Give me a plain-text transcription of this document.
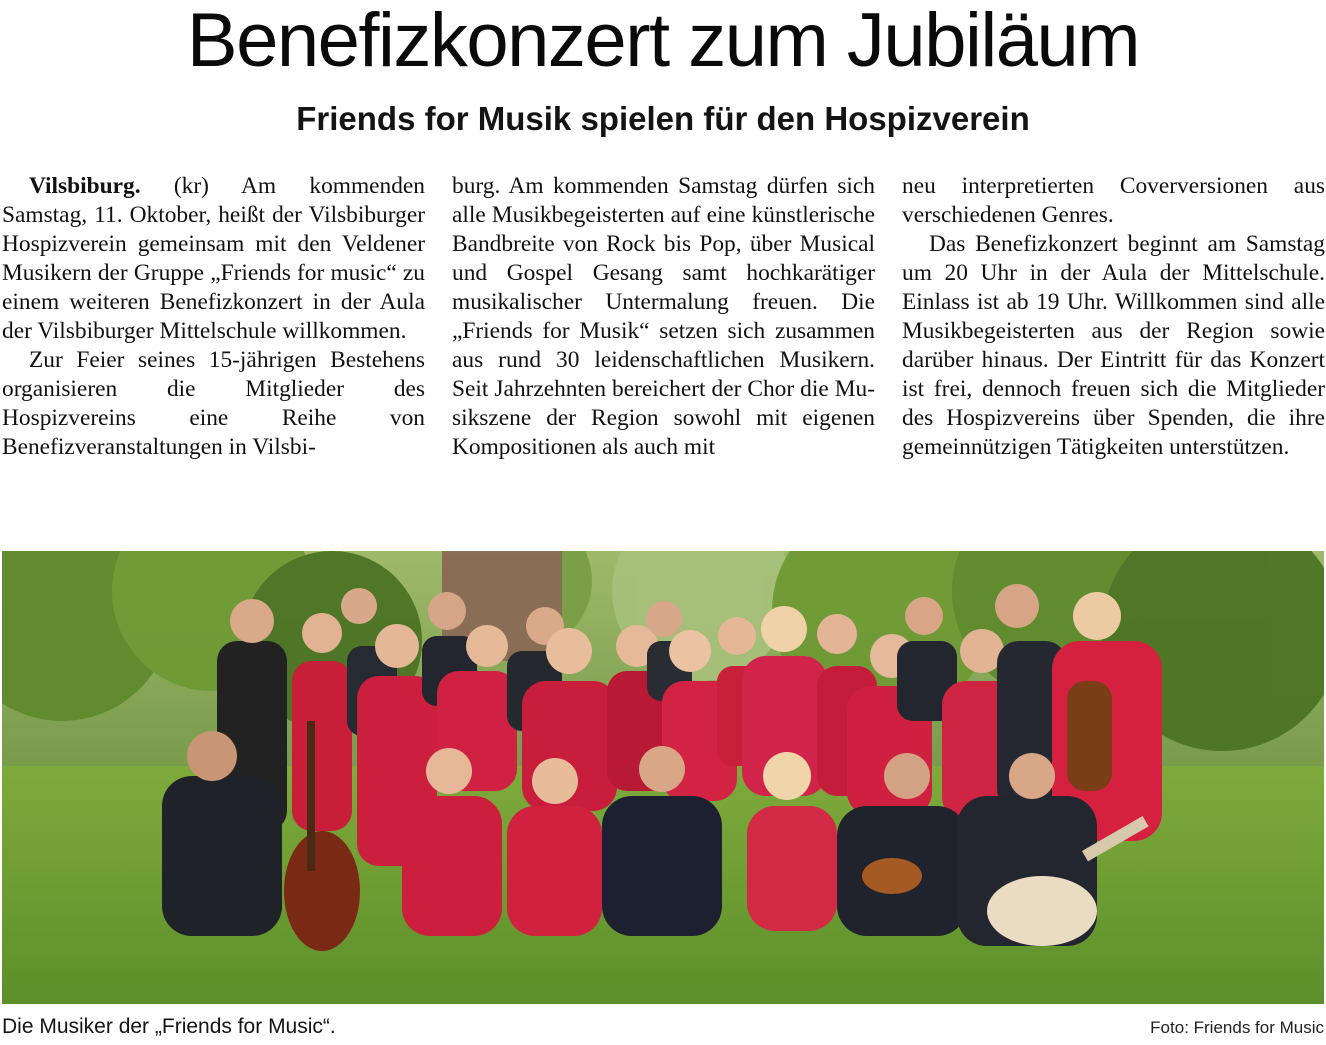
Benefizkonzert zum Jubiläum
Friends for Musik spielen für den Hospizverein

Vilsbiburg. (kr) Am kommenden Samstag, 11. Oktober, heißt der Vilsbiburger Hospizverein gemeinsam mit den Veldener Musikern der Gruppe „Friends for music“ zu einem weiteren Benefizkonzert in der Aula der Vilsbiburger Mittelschule willkommen.

Zur Feier seines 15-jährigen Bestehens organisieren die Mitglieder des Hospizvereins eine Reihe von Benefizveranstaltungen in Vilsbi-

burg. Am kommenden Samstag dürfen sich alle Musikbegeisterten auf eine künstlerische Bandbreite von Rock bis Pop, über Musical und Gospel Gesang samt hochkarätiger musikalischer Untermalung freuen. Die „Friends for Musik“ setzen sich zusammen aus rund 30 leidenschaftlichen Musikern. Seit Jahrzehnten bereichert der Chor die Musikszene der Region sowohl mit eigenen Kompositionen als auch mit

neu interpretierten Coverversionen aus verschiedenen Genres.

Das Benefizkonzert beginnt am Samstag um 20 Uhr in der Aula der Mittelschule. Einlass ist ab 19 Uhr. Willkommen sind alle Musikbegeisterten aus der Region sowie darüber hinaus. Der Eintritt für das Konzert ist frei, dennoch freuen sich die Mitglieder des Hospizvereins über Spenden, die ihre gemeinnützigen Tätigkeiten unterstützen.

Die Musiker der „Friends for Music“.	Foto: Friends for Music
